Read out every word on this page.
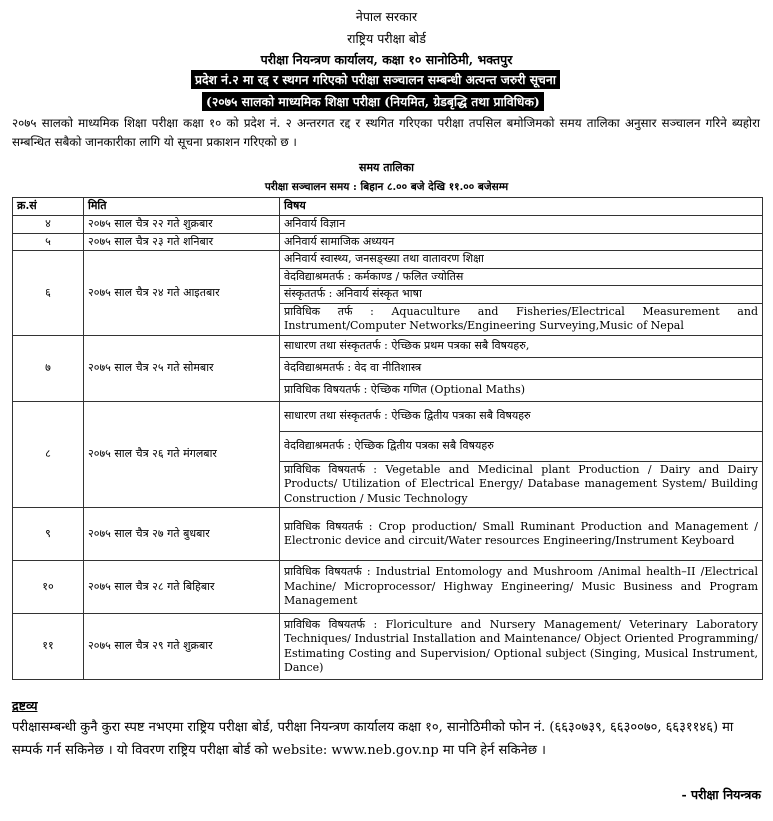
नेपाल सरकार
राष्ट्रिय परीक्षा बोर्ड
परीक्षा नियन्त्रण कार्यालय, कक्षा १० सानोठिमी, भक्तपुर
प्रदेश नं.२ मा रद्द र स्थगन गरिएको परीक्षा सञ्चालन सम्बन्धी अत्यन्त जरुरी सूचना
(२०७५ सालको माध्यमिक शिक्षा परीक्षा (नियमित, ग्रेडबृद्धि तथा प्राविधिक)
२०७५ सालको माध्यमिक शिक्षा परीक्षा कक्षा १० को प्रदेश नं. २ अन्तरगत रद्द र स्थगित गरिएका परीक्षा तपसिल बमोजिमको समय तालिका अनुसार सञ्चालन गरिने ब्यहोरा सम्बन्धित सबैको जानकारीका लागि यो सूचना प्रकाशन गरिएको छ ।
समय तालिका
परीक्षा सञ्चालन समय : बिहान ८.०० बजे देखि ११.०० बजेसम्म
क्र.सं	मिति	विषय
४	२०७५ साल चैत्र २२ गते शुक्रबार	अनिवार्य विज्ञान
५	२०७५ साल चैत्र २३ गते शनिबार	अनिवार्य सामाजिक अध्ययन
६	२०७५ साल चैत्र २४ गते आइतबार	अनिवार्य स्वास्थ्य, जनसङ्ख्या तथा वातावरण शिक्षा
		वेदविद्याश्रमतर्फ : कर्मकाण्ड ∕ फलित ज्योतिस
		संस्कृततर्फ : अनिवार्य संस्कृत भाषा
		प्राविधिक तर्फ : Aquaculture and Fisheries/Electrical Measurement and Instrument/Computer Networks∕Engineering Surveying,Music of Nepal
७	२०७५ साल चैत्र २५ गते सोमबार	साधारण तथा संस्कृततर्फ : ऐच्छिक प्रथम पत्रका सबै विषयहरु,
		वेदविद्याश्रमतर्फ : वेद वा नीतिशास्त्र
		प्राविधिक विषयतर्फ : ऐच्छिक गणित (Optional Maths)
८	२०७५ साल चैत्र २६ गते मंगलबार	साधारण तथा संस्कृततर्फ : ऐच्छिक द्वितीय पत्रका सबै विषयहरु
		वेदविद्याश्रमतर्फ : ऐच्छिक द्वितीय पत्रका सबै विषयहरु
		प्राविधिक विषयतर्फ : Vegetable and Medicinal plant Production ∕ Dairy and Dairy Products∕ Utilization of Electrical Energy∕ Database management System∕ Building Construction ∕ Music Technology
९	२०७५ साल चैत्र २७ गते बुधबार	प्राविधिक विषयतर्फ : Crop production∕ Small Ruminant Production and Management ∕ Electronic device and circuit∕Water resources Engineering∕Instrument Keyboard
१०	२०७५ साल चैत्र २८ गते बिहिबार	प्राविधिक विषयतर्फ : Industrial Entomology and Mushroom ∕Animal health–II ∕Electrical Machine∕ Microprocessor∕ Highway Engineering∕ Music Business and Program Management
११	२०७५ साल चैत्र २९ गते शुक्रबार	प्राविधिक विषयतर्फ : Floriculture and Nursery Management∕ Veterinary Laboratory Techniques∕ Industrial Installation and Maintenance∕ Object Oriented Programming∕ Estimating Costing and Supervision∕ Optional subject (Singing, Musical Instrument, Dance)
द्रष्टव्य
परीक्षासम्बन्धी कुनै कुरा स्पष्ट नभएमा राष्ट्रिय परीक्षा बोर्ड, परीक्षा नियन्त्रण कार्यालय कक्षा १०, सानोठिमीको फोन नं. (६६३०७३९, ६६३००७०, ६६३११४६) मा सम्पर्क गर्न सकिनेछ । यो विवरण राष्ट्रिय परीक्षा बोर्ड को website: www.neb.gov.np मा पनि हेर्न सकिनेछ ।
- परीक्षा नियन्त्रक
